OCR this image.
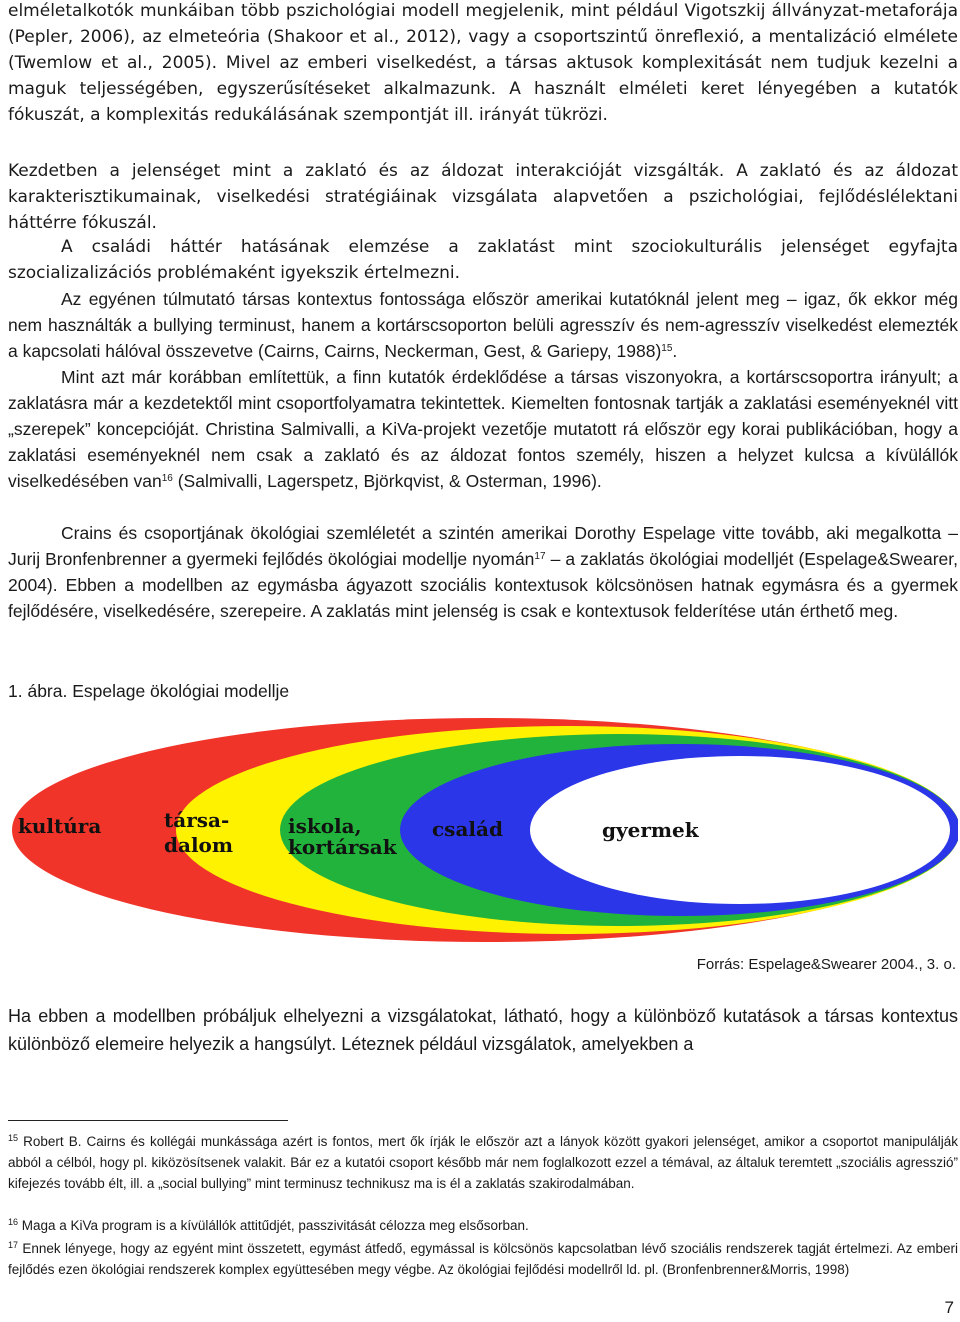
elméletalkotók munkáiban több pszichológiai modell megjelenik, mint például Vigotszkij állványzat-metaforája (Pepler, 2006), az elmeteória (Shakoor et al., 2012), vagy a csoportszintű önreflexió, a mentalizáció elmélete (Twemlow et al., 2005). Mivel az emberi viselkedést, a társas aktusok komplexitását nem tudjuk kezelni a maguk teljességében, egyszerűsítéseket alkalmazunk. A használt elméleti keret lényegében a kutatók fókuszát, a komplexitás redukálásának szempontját ill. irányát tükrözi.

Kezdetben a jelenséget mint a zaklató és az áldozat interakcióját vizsgálták. A zaklató és az áldozat karakterisztikumainak, viselkedési stratégiáinak vizsgálata alapvetően a pszichológiai, fejlődéslélektani háttérre fókuszál.

A családi háttér hatásának elemzése a zaklatást mint szociokulturális jelenséget egyfajta szocializalizációs problémaként igyekszik értelmezni.

Az egyénen túlmutató társas kontextus fontossága először amerikai kutatóknál jelent meg – igaz, ők ekkor még nem használták a bullying terminust, hanem a kortárscsoporton belüli agresszív és nem-agresszív viselkedést elemezték a kapcsolati hálóval összevetve (Cairns, Cairns, Neckerman, Gest, & Gariepy, 1988)$^{15}$.

Mint azt már korábban említettük, a finn kutatók érdeklődése a társas viszonyokra, a kortárscsoportra irányult; a zaklatásra már a kezdetektől mint csoportfolyamatra tekintettek. Kiemelten fontosnak tartják a zaklatási eseményeknél vitt „szerepek” koncepcióját. Christina Salmivalli, a KiVa-projekt vezetője mutatott rá először egy korai publikációban, hogy a zaklatási eseményeknél nem csak a zaklató és az áldozat fontos személy, hiszen a helyzet kulcsa a kívülállók viselkedésében van$^{16}$ (Salmivalli, Lagerspetz, Björkqvist, & Osterman, 1996).

Crains és csoportjának ökológiai szemléletét a szintén amerikai Dorothy Espelage vitte tovább, aki megalkotta – Jurij Bronfenbrenner a gyermeki fejlődés ökológiai modellje nyomán$^{17}$ – a zaklatás ökológiai modelljét (Espelage&Swearer, 2004). Ebben a modellben az egymásba ágyazott szociális kontextusok kölcsönösen hatnak egymásra és a gyermek fejlődésére, viselkedésére, szerepeire. A zaklatás mint jelenség is csak e kontextusok felderítése után érthető meg.

1. ábra. Espelage ökológiai modellje
kultúra	társa-
dalom
iskola,
kortársak
család	gyermek
Forrás: Espelage&Swearer 2004., 3. o.

Ha ebben a modellben próbáljuk elhelyezni a vizsgálatokat, látható, hogy a különböző kutatások a társas kontextus különböző elemeire helyezik a hangsúlyt. Léteznek például vizsgálatok, amelyekben a

$^{15}$ Robert B. Cairns és kollégái munkássága azért is fontos, mert ők írják le először azt a lányok között gyakori jelenséget, amikor a csoportot manipulálják abból a célból, hogy pl. kiközösítsenek valakit. Bár ez a kutatói csoport később már nem foglalkozott ezzel a témával, az általuk teremtett „szociális agresszió” kifejezés tovább élt, ill. a „social bullying” mint terminusz technikusz ma is él a zaklatás szakirodalmában.
$^{16}$ Maga a KiVa program is a kívülállók attitűdjét, passzivitását célozza meg elsősorban.
$^{17}$ Ennek lényege, hogy az egyént mint összetett, egymást átfedő, egymással is kölcsönös kapcsolatban lévő szociális rendszerek tagját értelmezi. Az emberi fejlődés ezen ökológiai rendszerek komplex együttesében megy végbe. Az ökológiai fejlődési modellről ld. pl. (Bronfenbrenner&Morris, 1998)
7
